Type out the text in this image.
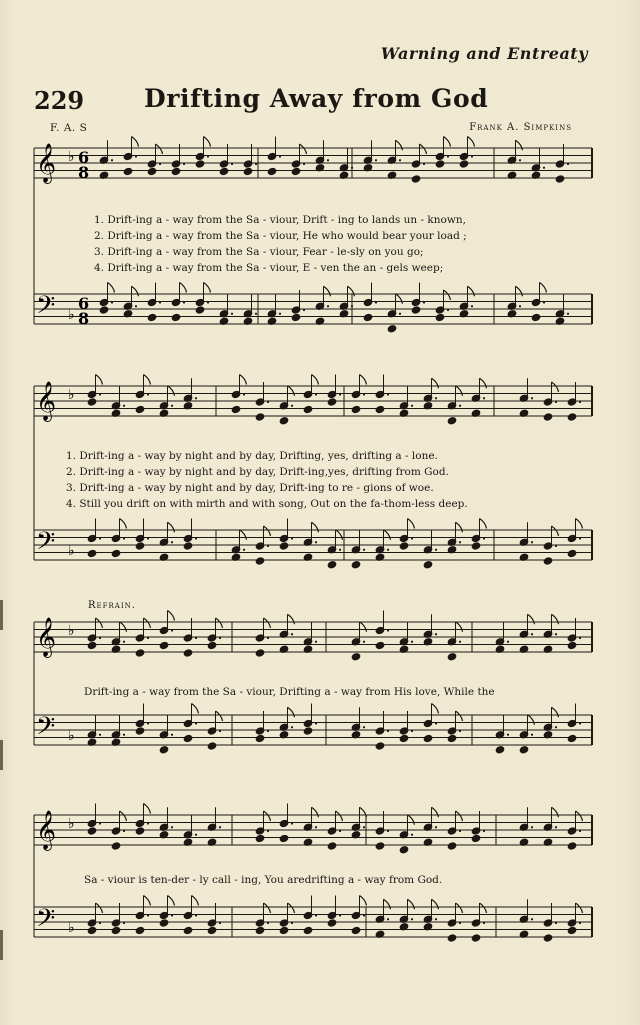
Warning and Entreaty
229 Drifting Away from God
F. A. S	Frank A. Simpkins
Refrain.
1. Drift-ing a - way from the Sa - viour, Drift - ing to lands un - known,
2. Drift-ing a - way from the Sa - viour, He who would bear your load ;
3. Drift-ing a - way from the Sa - viour, Fear - le-sly on you go;
4. Drift-ing a - way from the Sa - viour, E - ven the an - gels weep;
1. Drift-ing a - way by night and by day, Drifting, yes, drifting a - lone.
2. Drift-ing a - way by night and by day, Drift-ing,yes, drifting from God.
3. Drift-ing a - way by night and by day, Drift-ing to re - gions of woe.
4. Still you drift on with mirth and with song, Out on the fa-thom-less deep.
Drift-ing a - way from the Sa - viour, Drifting a - way from His love, While the
Sa - viour is ten-der - ly call - ing, You aredrifting a - way from God.
𝄞 ♭ 6
8
𝄢 ♭
6
8
𝄞 ♭
𝄢 ♭
𝄞 ♭
𝄢 ♭
𝄞 ♭
𝄢 ♭
